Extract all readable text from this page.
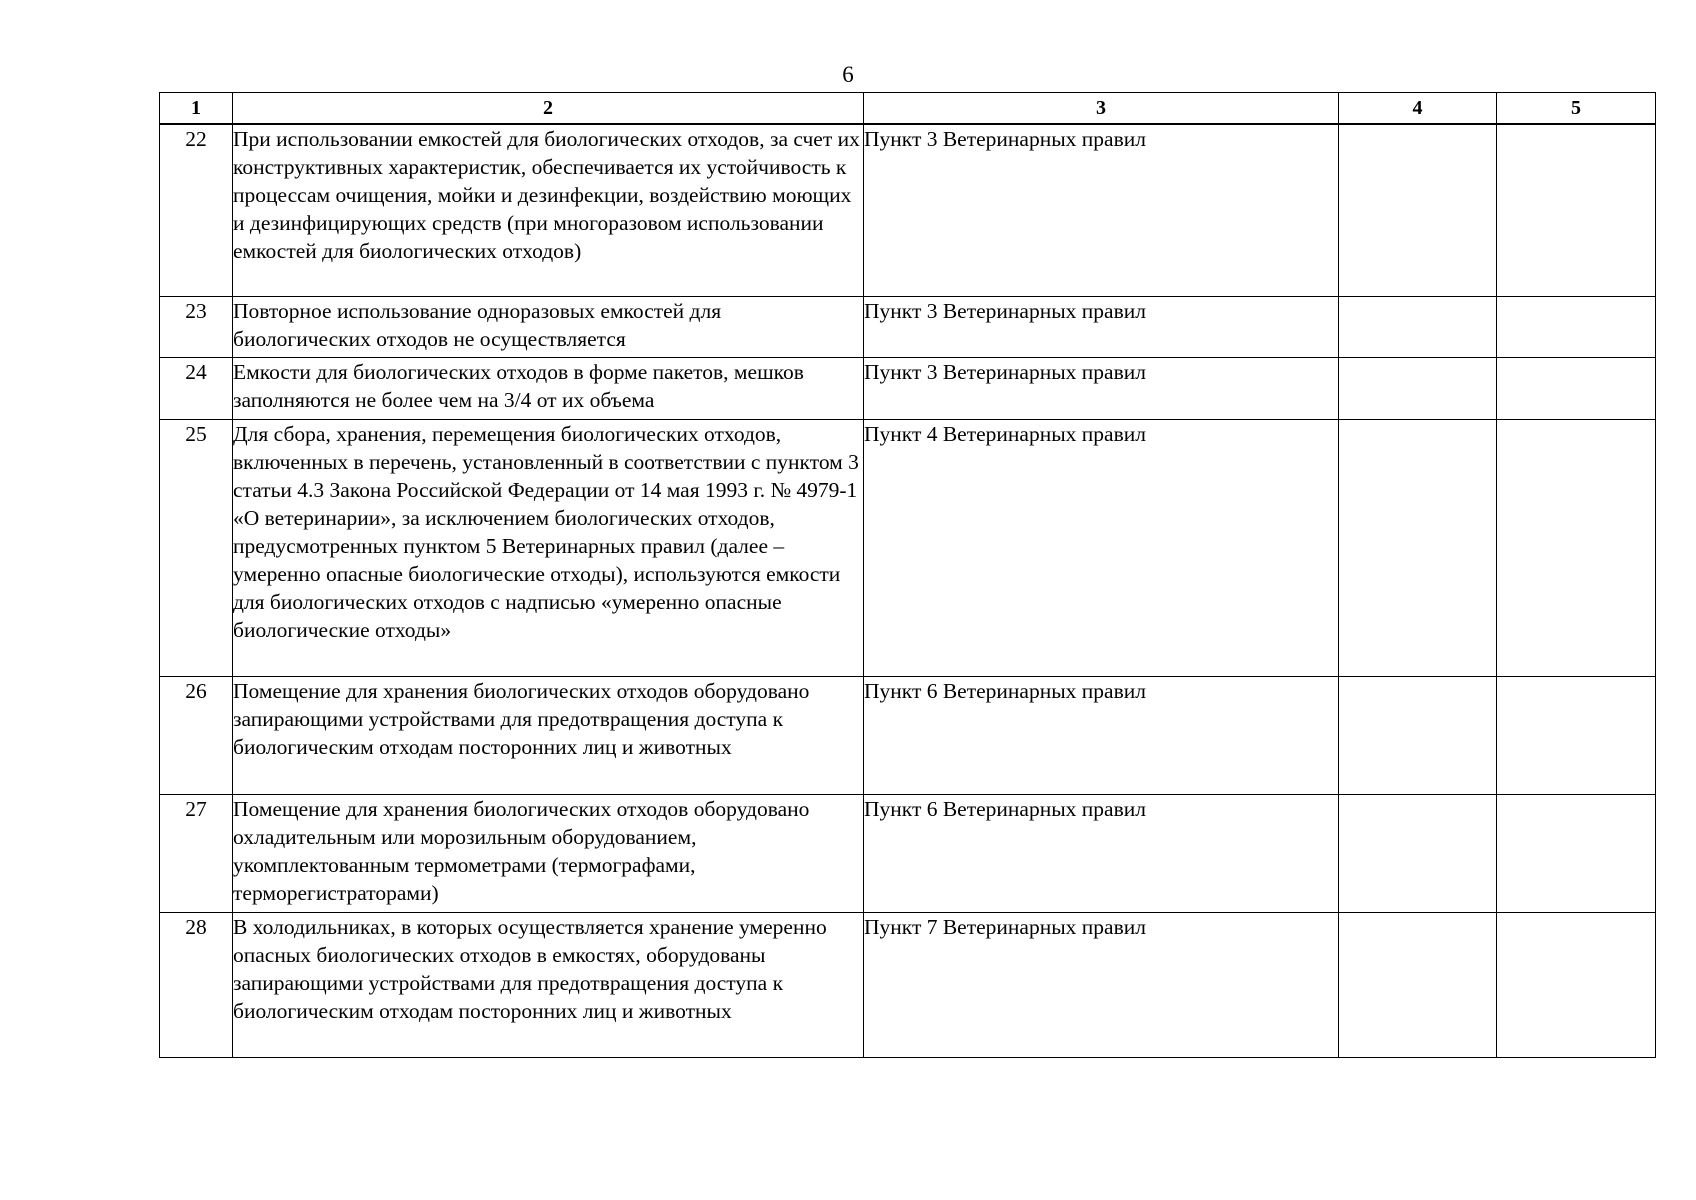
6
1	2	3	4	5
22	При использовании емкостей для биологических отходов, за счет их конструктивных характеристик, обеспечивается их устойчивость к процессам очищения, мойки и дезинфекции, воздействию моющих и дезинфицирующих средств (при многоразовом использовании емкостей для биологических отходов)	Пункт 3 Ветеринарных правил		
23	Повторное использование одноразовых емкостей для биологических отходов не осуществляется	Пункт 3 Ветеринарных правил		
24	Емкости для биологических отходов в форме пакетов, мешков заполняются не более чем на 3/4 от их объема	Пункт 3 Ветеринарных правил		
25	Для сбора, хранения, перемещения биологических отходов, включенных в перечень, установленный в соответствии с пунктом 3 статьи 4.3 Закона Российской Федерации от 14 мая 1993 г. № 4979-1 «О ветеринарии», за исключением биологических отходов, предусмотренных пунктом 5 Ветеринарных правил (далее – умеренно опасные биологические отходы), используются емкости для биологических отходов с надписью «умеренно опасные биологические отходы»	Пункт 4 Ветеринарных правил		
26	Помещение для хранения биологических отходов оборудовано запирающими устройствами для предотвращения доступа к биологическим отходам посторонних лиц и животных	Пункт 6 Ветеринарных правил		
27	Помещение для хранения биологических отходов оборудовано охладительным или морозильным оборудованием, укомплектованным термометрами (термографами, терморегистраторами)	Пункт 6 Ветеринарных правил		
28	В холодильниках, в которых осуществляется хранение умеренно опасных биологических отходов в емкостях, оборудованы запирающими устройствами для предотвращения доступа к биологическим отходам посторонних лиц и животных	Пункт 7 Ветеринарных правил		
